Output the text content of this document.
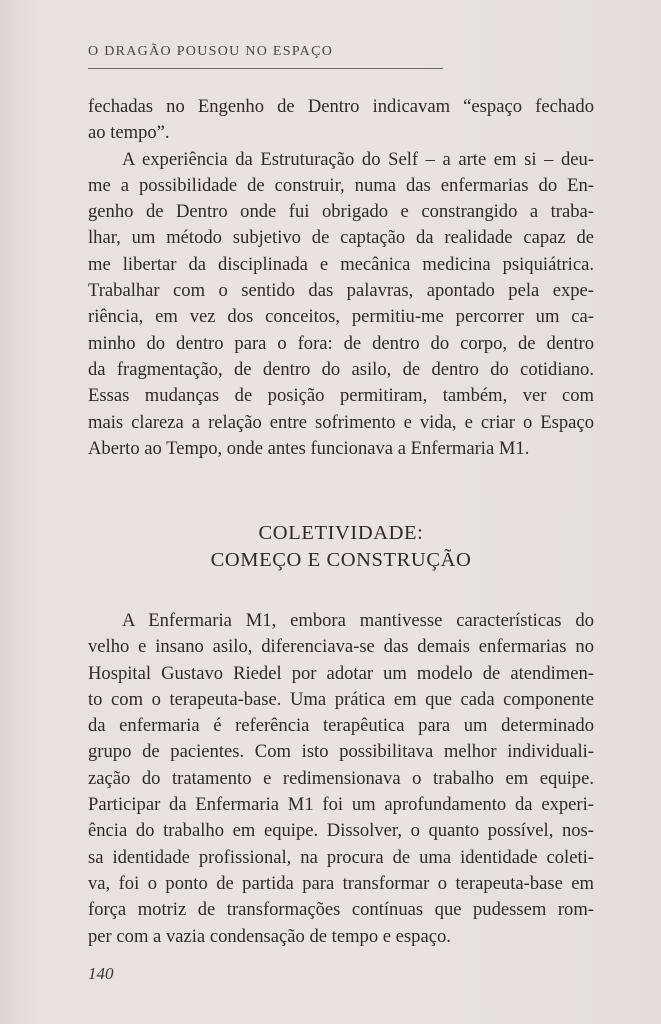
O DRAGÃO POUSOU NO ESPAÇO
fechadas no Engenho de Dentro indicavam “espaço fechado
ao tempo”.
A experiência da Estruturação do Self – a arte em si – deu-
me a possibilidade de construir, numa das enfermarias do En-
genho de Dentro onde fui obrigado e constrangido a traba-
lhar, um método subjetivo de captação da realidade capaz de
me libertar da disciplinada e mecânica medicina psiquiátrica.
Trabalhar com o sentido das palavras, apontado pela expe-
riência, em vez dos conceitos, permitiu-me percorrer um ca-
minho do dentro para o fora: de dentro do corpo, de dentro
da fragmentação, de dentro do asilo, de dentro do cotidiano.
Essas mudanças de posição permitiram, também, ver com
mais clareza a relação entre sofrimento e vida, e criar o Espaço
Aberto ao Tempo, onde antes funcionava a Enfermaria M1.
COLETIVIDADE:
COMEÇO E CONSTRUÇÃO
A Enfermaria M1, embora mantivesse características do
velho e insano asilo, diferenciava-se das demais enfermarias no
Hospital Gustavo Riedel por adotar um modelo de atendimen-
to com o terapeuta-base. Uma prática em que cada componente
da enfermaria é referência terapêutica para um determinado
grupo de pacientes. Com isto possibilitava melhor individuali-
zação do tratamento e redimensionava o trabalho em equipe.
Participar da Enfermaria M1 foi um aprofundamento da experi-
ência do trabalho em equipe. Dissolver, o quanto possível, nos-
sa identidade profissional, na procura de uma identidade coleti-
va, foi o ponto de partida para transformar o terapeuta-base em
força motriz de transformações contínuas que pudessem rom-
per com a vazia condensação de tempo e espaço.
140
